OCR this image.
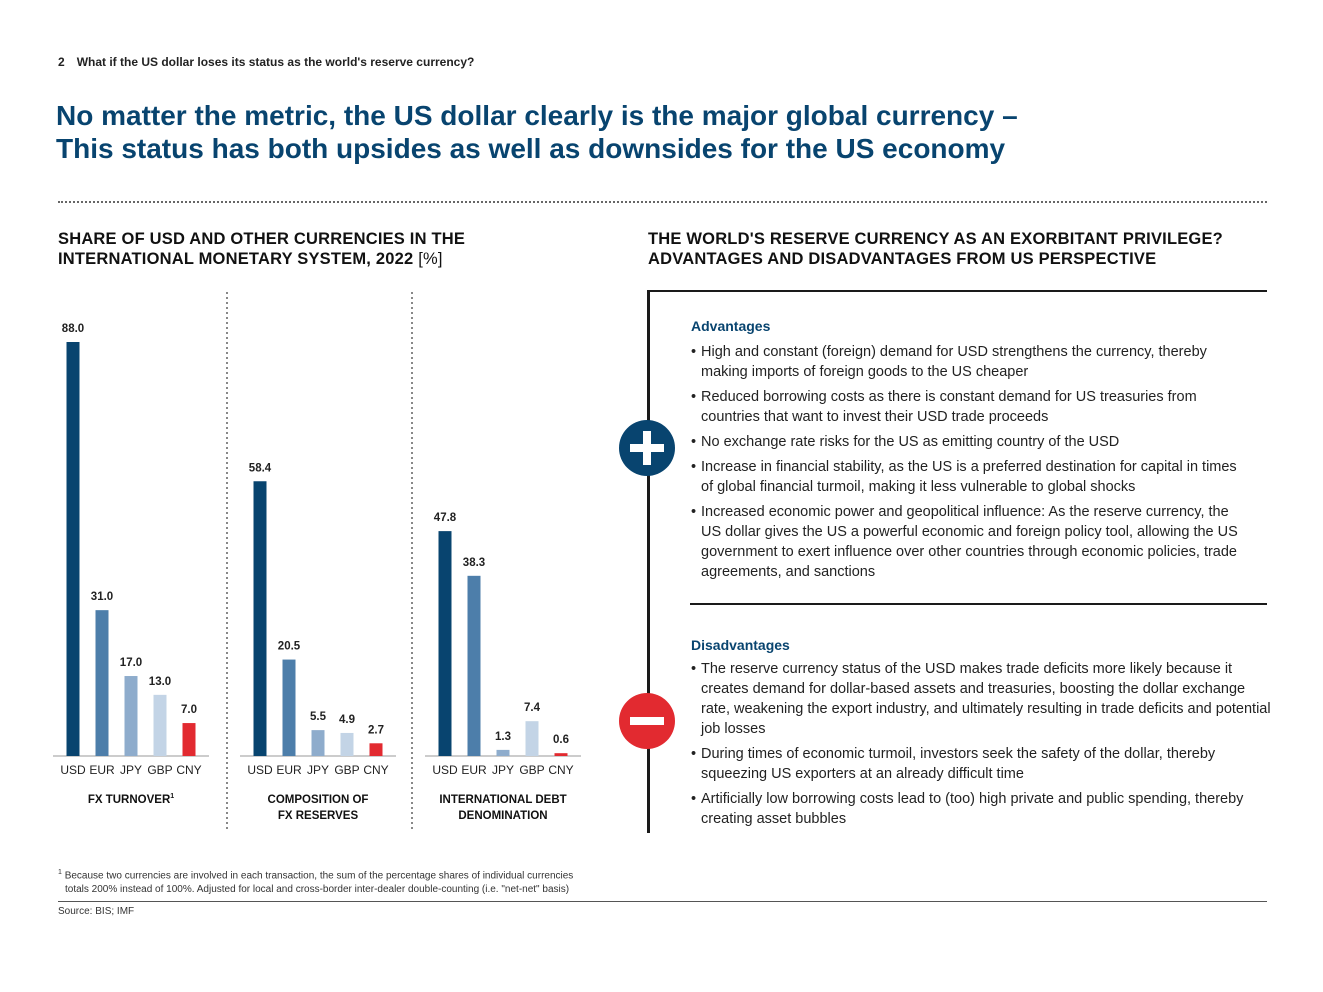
2 What if the US dollar loses its status as the world's reserve currency?
No matter the metric, the US dollar clearly is the major global currency –
This status has both upsides as well as downsides for the US economy
SHARE OF USD AND OTHER CURRENCIES IN THE
INTERNATIONAL MONETARY SYSTEM, 2022 [%]
THE WORLD'S RESERVE CURRENCY AS AN EXORBITANT PRIVILEGE?
ADVANTAGES AND DISADVANTAGES FROM US PERSPECTIVE
88.0
USD
31.0
EUR
17.0
JPY
13.0
GBP
7.0
CNY
FX TURNOVER$^1$
58.4
USD
20.5
EUR
5.5
JPY
4.9
GBP
2.7
CNY
COMPOSITION OF
FX RESERVES
47.8
USD
38.3
EUR
1.3
JPY
7.4
GBP
0.6
CNY
INTERNATIONAL DEBT
DENOMINATION
$^1$ Because two currencies are involved in each transaction, the sum of the percentage shares of individual currencies
totals 200% instead of 100%. Adjusted for local and cross-border inter-dealer double-counting (i.e. "net-net" basis)
Source: BIS; IMF
Advantages
• High and constant (foreign) demand for USD strengthens the currency, thereby making imports of foreign goods to the US cheaper
• Reduced borrowing costs as there is constant demand for US treasuries from countries that want to invest their USD trade proceeds
• No exchange rate risks for the US as emitting country of the USD
• Increase in financial stability, as the US is a preferred destination for capital in times of global financial turmoil, making it less vulnerable to global shocks
• Increased economic power and geopolitical influence: As the reserve currency, the US dollar gives the US a powerful economic and foreign policy tool, allowing the US government to exert influence over other countries through economic policies, trade agreements, and sanctions
Disadvantages
• The reserve currency status of the USD makes trade deficits more likely because it creates demand for dollar-based assets and treasuries, boosting the dollar exchange rate, weakening the export industry, and ultimately resulting in trade deficits and potential job losses
• During times of economic turmoil, investors seek the safety of the dollar, thereby squeezing US exporters at an already difficult time
• Artificially low borrowing costs lead to (too) high private and public spending, thereby creating asset bubbles
